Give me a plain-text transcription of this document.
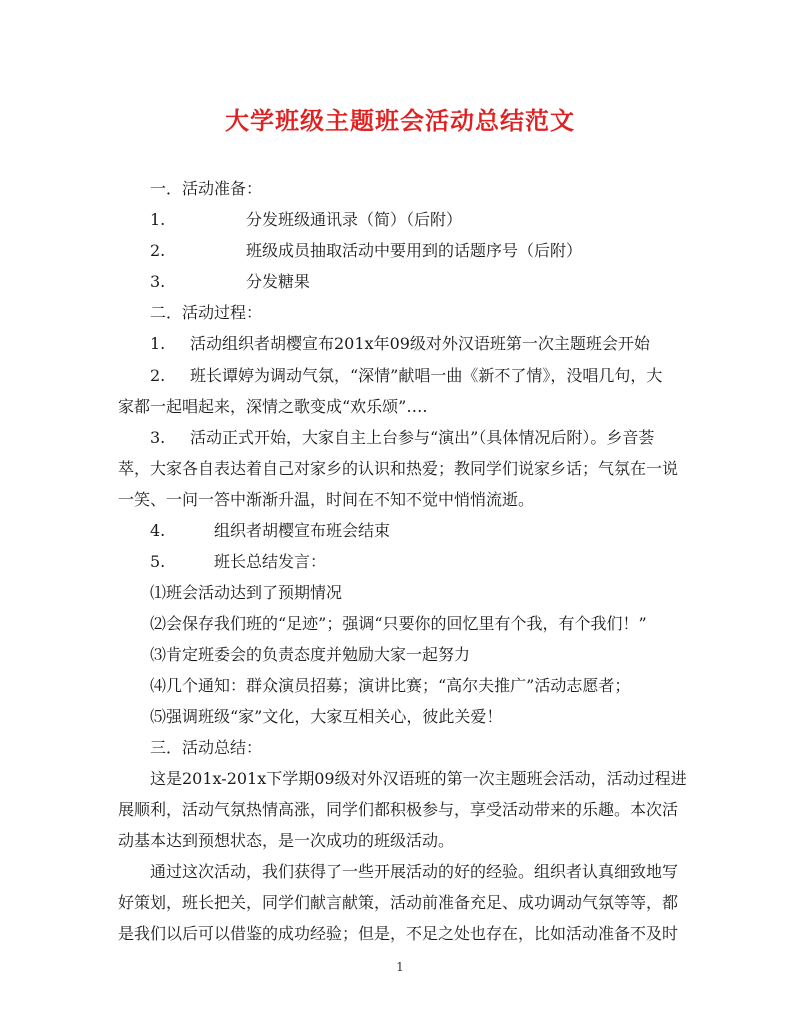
大学班级主题班会活动总结范文

一．活动准备：

1.	分发班级通讯录（简）（后附）

2.	班级成员抽取活动中要用到的话题序号（后附）

3.	分发糖果

二．活动过程：

1. 活动组织者胡樱宣布201x年09级对外汉语班第一次主题班会开始

2. 班长谭婷为调动气氛，“深情”献唱一曲《新不了情》，没唱几句，大

家都一起唱起来，深情之歌变成“欢乐颂”….

3. 活动正式开始，大家自主上台参与“演出”（具体情况后附）。乡音荟

萃，大家各自表达着自己对家乡的认识和热爱；教同学们说家乡话；气氛在一说

一笑、一问一答中渐渐升温，时间在不知不觉中悄悄流逝。

4.	组织者胡樱宣布班会结束

5.	班长总结发言：

⑴班会活动达到了预期情况

⑵会保存我们班的“足迹”；强调“只要你的回忆里有个我，有个我们！”

⑶肯定班委会的负责态度并勉励大家一起努力

⑷几个通知：群众演员招募；演讲比赛；“高尔夫推广”活动志愿者；

⑸强调班级“家”文化，大家互相关心，彼此关爱！

三．活动总结：

这是201x-201x下学期09级对外汉语班的第一次主题班会活动，活动过程进

展顺利，活动气氛热情高涨，同学们都积极参与，享受活动带来的乐趣。本次活

动基本达到预想状态，是一次成功的班级活动。

通过这次活动，我们获得了一些开展活动的好的经验。组织者认真细致地写

好策划，班长把关，同学们献言献策，活动前准备充足、成功调动气氛等等，都

是我们以后可以借鉴的成功经验；但是，不足之处也存在，比如活动准备不及时

1
